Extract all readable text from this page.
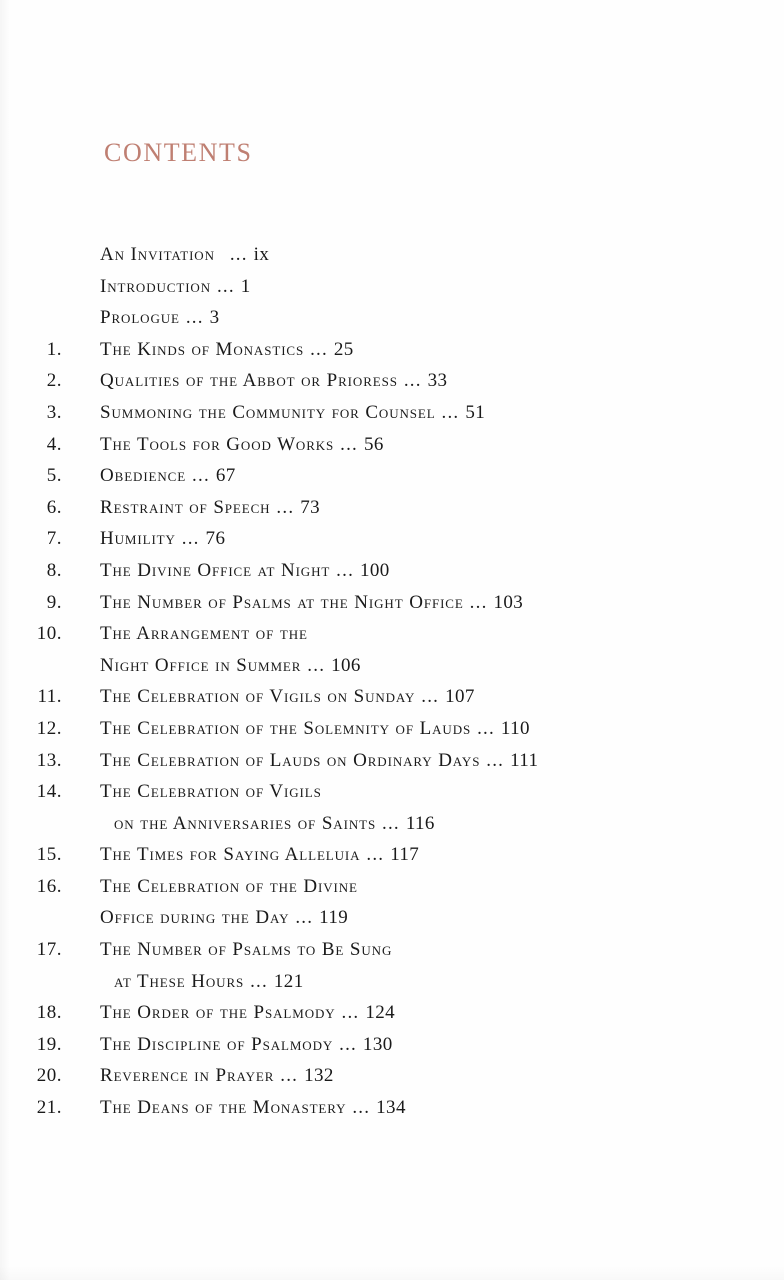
CONTENTS
An Invitation ... ix
Introduction ... 1
Prologue ... 3
1. The Kinds of Monastics ... 25
2. Qualities of the Abbot or Prioress ... 33
3. Summoning the Community for Counsel ... 51
4. The Tools for Good Works ... 56
5. Obedience ... 67
6. Restraint of Speech ... 73
7. Humility ... 76
8. The Divine Office at Night ... 100
9. The Number of Psalms at the Night Office ... 103
10. The Arrangement of the
Night Office in Summer ... 106
11. The Celebration of Vigils on Sunday ... 107
12. The Celebration of the Solemnity of Lauds ... 110
13. The Celebration of Lauds on Ordinary Days ... 111
14. The Celebration of Vigils
on the Anniversaries of Saints ... 116
15. The Times for Saying Alleluia ... 117
16. The Celebration of the Divine
Office during the Day ... 119
17. The Number of Psalms to Be Sung
at These Hours ... 121
18. The Order of the Psalmody ... 124
19. The Discipline of Psalmody ... 130
20. Reverence in Prayer ... 132
21. The Deans of the Monastery ... 134
